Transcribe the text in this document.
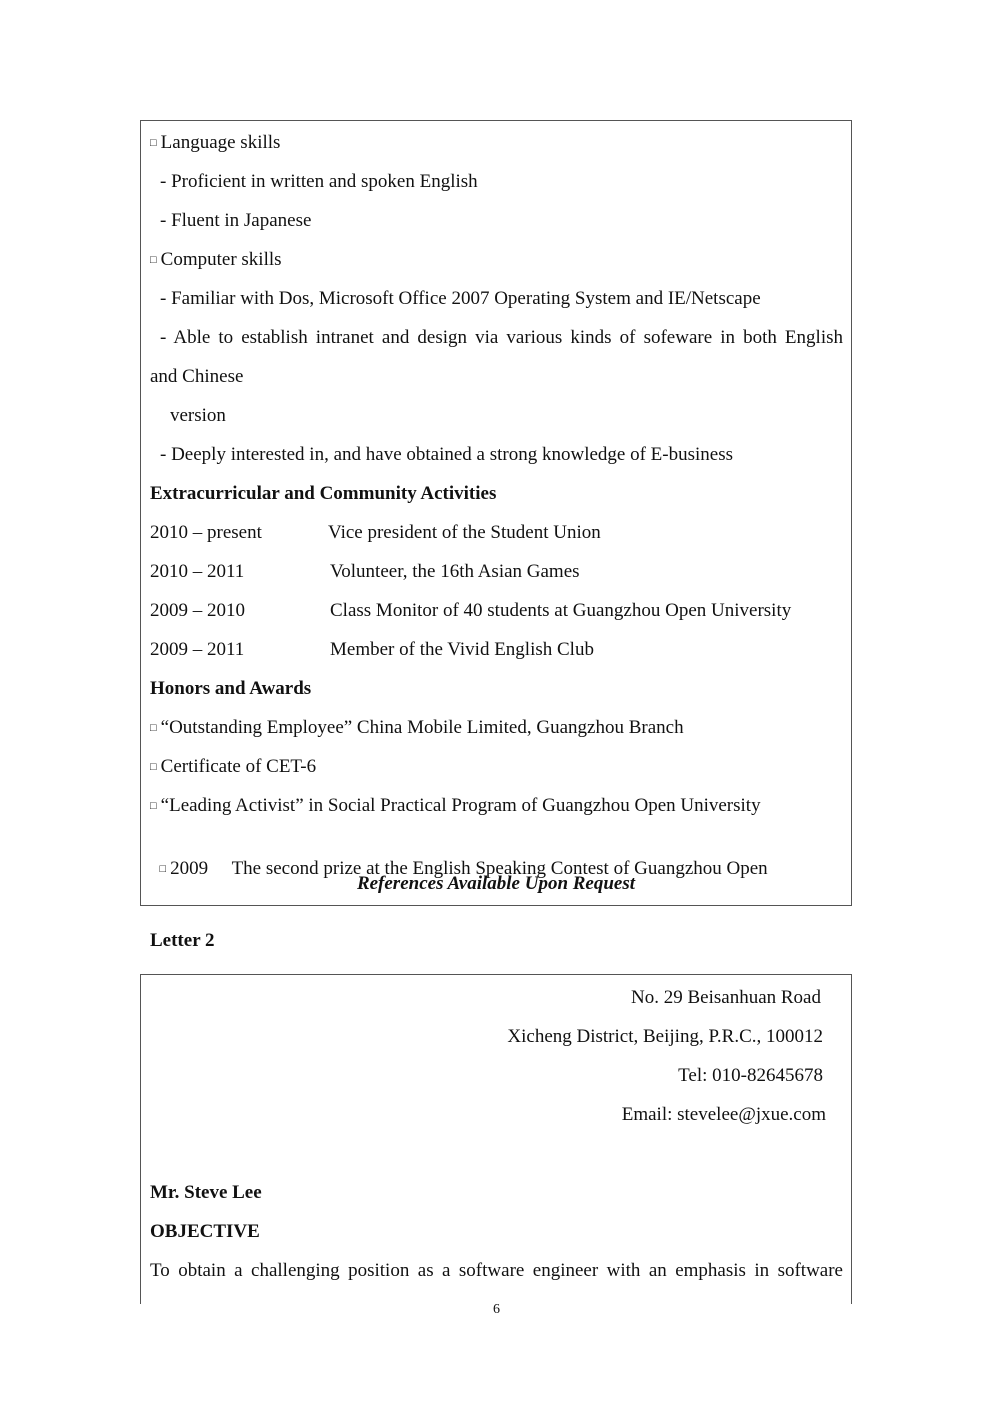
□ Language skills
- Proficient in written and spoken English
- Fluent in Japanese
□ Computer skills
- Familiar with Dos, Microsoft Office 2007 Operating System and IE/Netscape
- Able to establish intranet and design via various kinds of sofeware in both English
and Chinese
version
- Deeply interested in, and have obtained a strong knowledge of E-business
Extracurricular and Community Activities
2010 – present	Vice president of the Student Union
2010 – 2011	Volunteer, the 16th Asian Games
2009 – 2010	Class Monitor of 40 students at Guangzhou Open University
2009 – 2011	Member of the Vivid English Club
Honors and Awards
□ “Outstanding Employee” China Mobile Limited, Guangzhou Branch
□ Certificate of CET-6
□ “Leading Activist” in Social Practical Program of Guangzhou Open University

□ 2009  The second prize at the English Speaking Contest of Guangzhou Open

References Available Upon Request
Letter 2
No. 29 Beisanhuan Road
Xicheng District, Beijing, P.R.C., 100012
Tel: 010-82645678
Email: stevelee@jxue.com
Mr. Steve Lee
OBJECTIVE
To obtain a challenging position as a software engineer with an emphasis in software
6
